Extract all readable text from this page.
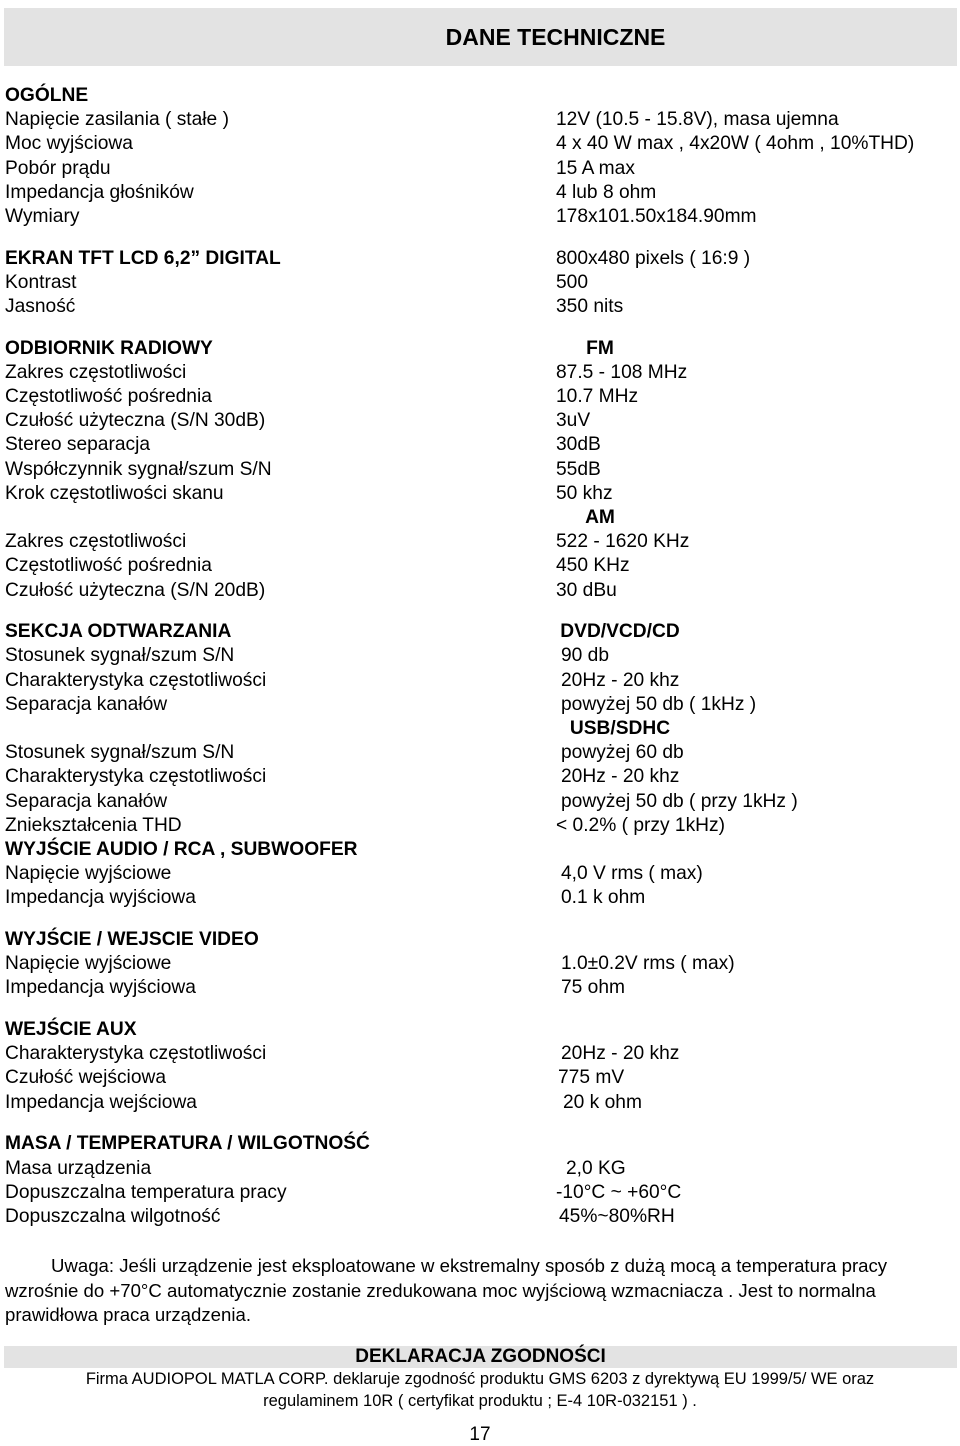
DANE TECHNICZNE
OGÓLNE
Napięcie zasilania ( stałe )	12V (10.5 - 15.8V), masa ujemna
Moc wyjściowa	4 x 40 W max , 4x20W ( 4ohm , 10%THD)
Pobór prądu	15 A max
Impedancja głośników	4 lub 8 ohm
Wymiary	178x101.50x184.90mm
EKRAN TFT LCD 6,2” DIGITAL	800x480 pixels ( 16:9 )
Kontrast	500
Jasność	350 nits
ODBIORNIK RADIOWY	FM
Zakres częstotliwości	87.5 - 108 MHz
Częstotliwość pośrednia	10.7 MHz
Czułość użyteczna (S/N 30dB)	3uV
Stereo separacja	30dB
Współczynnik sygnał/szum S/N	55dB
Krok częstotliwości skanu	50 khz
AM
Zakres częstotliwości	522 - 1620 KHz
Częstotliwość pośrednia	450 KHz
Czułość użyteczna (S/N 20dB)	30 dBu
SEKCJA ODTWARZANIA	DVD/VCD/CD
Stosunek sygnał/szum S/N	90 db
Charakterystyka częstotliwości	20Hz - 20 khz
Separacja kanałów	powyżej 50 db ( 1kHz )
USB/SDHC
Stosunek sygnał/szum S/N	powyżej 60 db
Charakterystyka częstotliwości	20Hz - 20 khz
Separacja kanałów	powyżej 50 db ( przy 1kHz )
Zniekształcenia THD	< 0.2% ( przy 1kHz)
WYJŚCIE AUDIO / RCA , SUBWOOFER
Napięcie wyjściowe	4,0 V rms ( max)
Impedancja wyjściowa	0.1 k ohm
WYJŚCIE / WEJSCIE VIDEO
Napięcie wyjściowe	1.0±0.2V rms ( max)
Impedancja wyjściowa	75 ohm
WEJŚCIE AUX
Charakterystyka częstotliwości	20Hz - 20 khz
Czułość wejściowa	775 mV
Impedancja wejściowa	20 k ohm
MASA / TEMPERATURA / WILGOTNOŚĆ
Masa urządzenia	2,0 KG
Dopuszczalna temperatura pracy	-10°C ~ +60°C
Dopuszczalna wilgotność	45%~80%RH
Uwaga: Jeśli urządzenie jest eksploatowane w ekstremalny sposób z dużą mocą a temperatura pracy wzrośnie do +70°C automatycznie zostanie zredukowana moc wyjściową wzmacniacza . Jest to normalna prawidłowa praca urządzenia.
DEKLARACJA ZGODNOŚCI
Firma AUDIOPOL MATLA CORP. deklaruje zgodność produktu GMS 6203 z dyrektywą EU 1999/5/ WE oraz
regulaminem 10R ( certyfikat produktu ; E-4 10R-032151 ) .
17
